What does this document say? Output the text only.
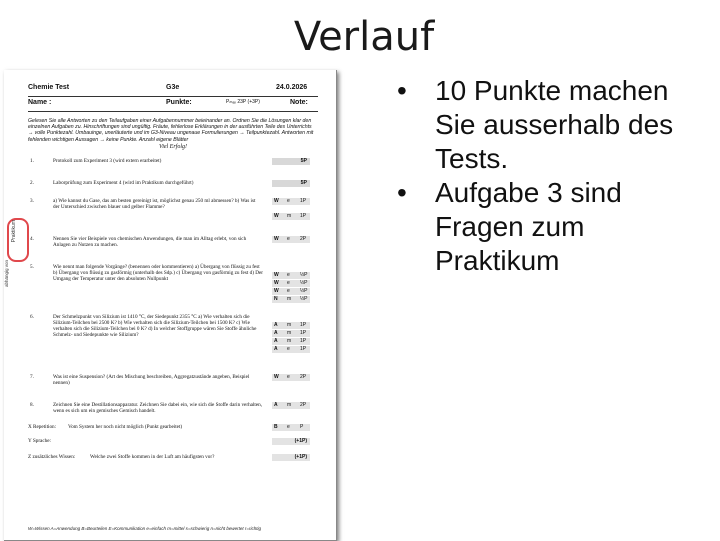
Verlauf
Praktikum
abhängig von
Chemie Test	G3e	24.0.2026
Name :	Punkte:	Pₘₐₓ 23P (+3P)	Note:
Gelesen Sie alle Antworten zu den Teilaufgaben einer Aufgabennummer beieinander an. Ordnen Sie die Lösungen klar den einzelnen Aufgaben zu. Hinschriftungen sind ungültig. Fräute, fehlerlose Erklärungen in der ausführten Teile des Unterrichts → volle Punktezahl. Umbauinge, unerläuterte und im G3-Niveau ungenaue Formulierungen → Teilpunktezahl. Antworten mit fehlenden wichtigen Aussagen → keine Punkte. Anzahl eigene Blätter
Viel Erfolg!
1.	Protokoll zum Experiment 3 (wird extern erarbeitet)	5P
2.	Laborprüfung zum Experiment 4 (wird im Praktikum durchgeführt)	5P
3.	a) Wie kannst du Gase, das am besten gereinigt ist, möglichst genau 250 ml abmessen? b) Was ist der Unterschied zwischen blauer und gelber Flamme?
W e 1P
W m 1P
4.	Nennen Sie vier Beispiele von chemischen Anwendungen, die man im Alltag erlebt, von sich Anlagen zu Nutzen zu machen.
W e 2P
5.	Wie nennt man folgende Vorgänge? (benennen oder kommentieren) a) Übergang von flüssig zu fest b) Übergang von flüssig zu gasförmig (unterhalb des Sdp.) c) Übergang von gasförmig zu fest d) Der Umgang der Temperatur unter den absoluten Nullpunkt
W e ½P
W e ½P
W e ½P
N m ½P
6.	Der Schmelzpunkt von Silizium ist 1410 °C, der Siedepunkt 2355 °C a) Wie verhalten sich die Silizium-Teilchen bei 2500 K? b) Wie verhalten sich die Silizium-Teilchen bei 1500 K? c) Wie verhalten sich die Silizium-Teilchen bei 0 K? d) In welcher Stoffgruppe wären Sie Stoffe ähnliche Schmelz- und Siedepunkte wie Silizium?
A m 1P
A m 1P
A m 1P
A e 1P
7.	Was ist eine Suspension? (Art des Mischung beschreiben, Aggregatzustände angeben, Beispiel nennen)
W e 2P
8.	Zeichnen Sie eine Destillationsapparatur. Zeichnen Sie dabei ein, wie sich die Stoffe darin verhalten, wenn es sich um ein gemisches Gemisch handelt.
A m 2P
X Repetition: Vom System her noch nicht möglich (Punkt gearbeitet)	B e P
Y Sprache:	(+1P)
Z zusätzliches Wissen:	Welche zwei Stoffe kommen in der Luft am häufigsten vor?	(+1P)
W=Wissen A=Anwendung B=Beurteilen E=Kommunikation e=einfach m=mittel s=schwierig n=nicht bewertet r=richtig
• 10 Punkte machen Sie ausserhalb des Tests.
• Aufgabe 3 sind Fragen zum Praktikum
